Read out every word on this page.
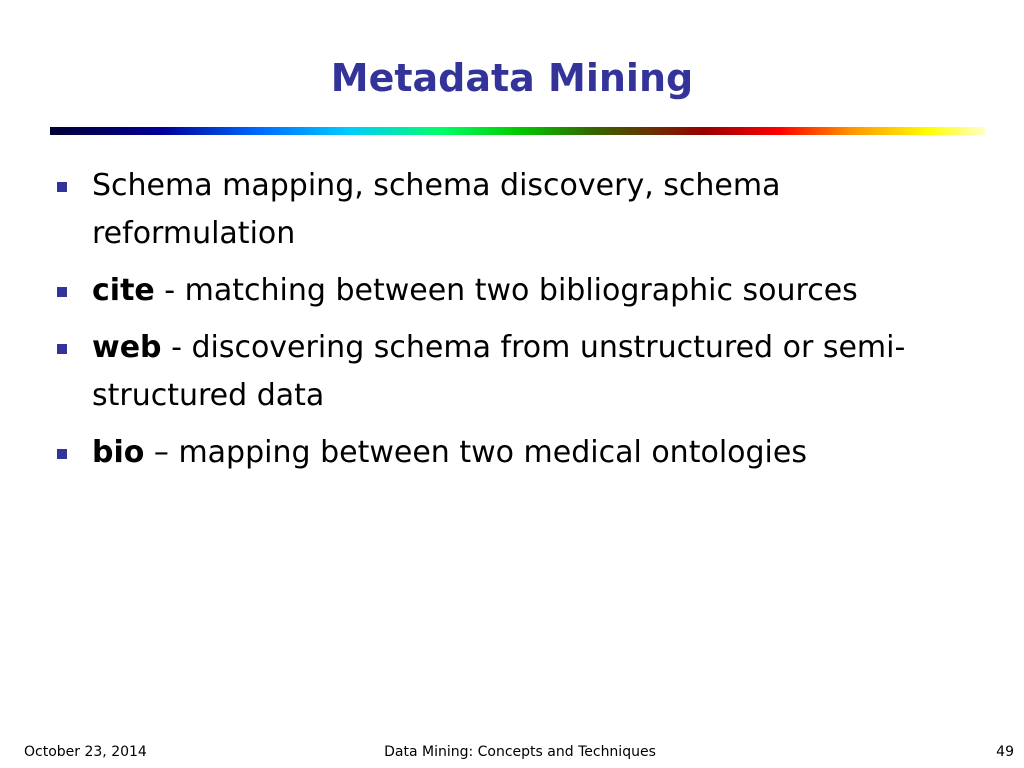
Metadata Mining
Schema mapping, schema discovery, schema reformulation
cite - matching between two bibliographic sources
web - discovering schema from unstructured or semi-structured data
bio – mapping between two medical ontologies
October 23, 2014	Data Mining: Concepts and Techniques	49
